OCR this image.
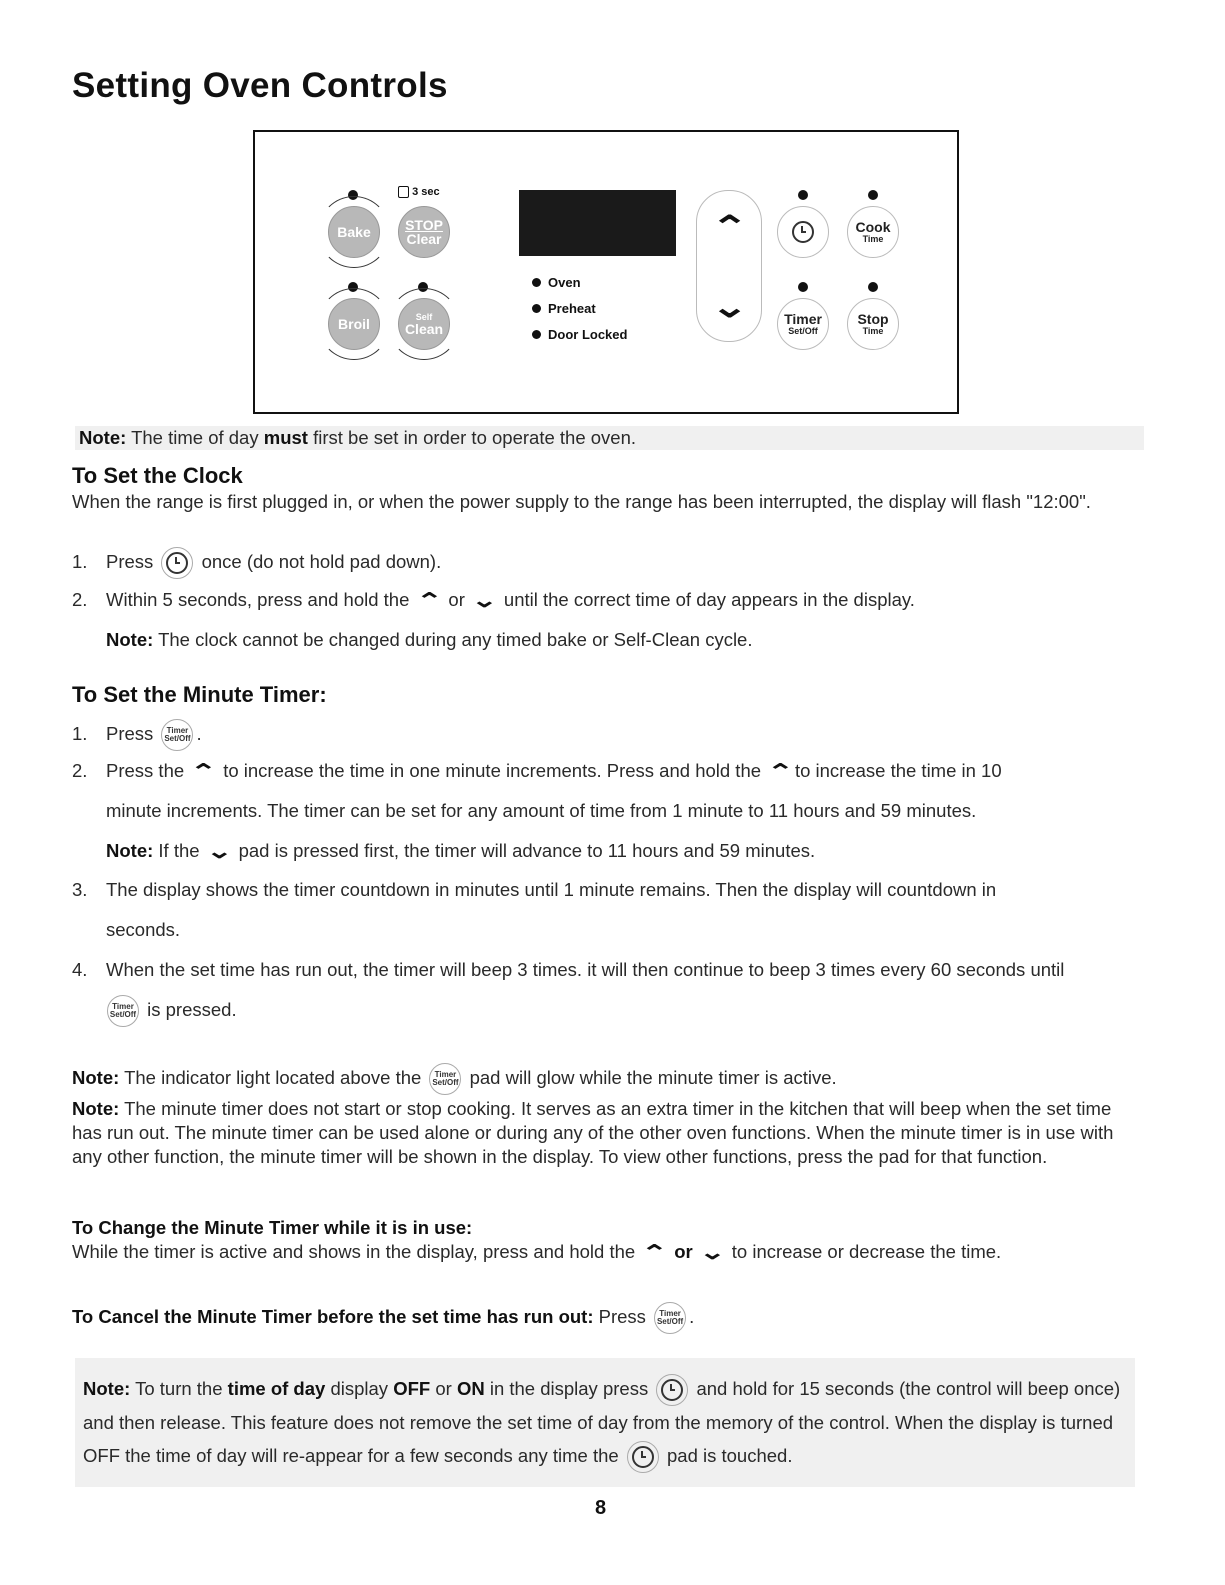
Setting Oven Controls
Bake
3 sec
STOP
Clear
Broil	Self
Clean
Oven
Preheat
Door Locked
⌃
⌄
Cook
Time
Timer
Set/Off
Stop
Time
Note: The time of day must first be set in order to operate the oven.
To Set the Clock
When the range is first plugged in, or when the power supply to the range has been interrupted, the display will flash "12:00".
1. Press	once (do not hold pad down).
2. Within 5 seconds, press and hold the ⌃ or ⌄ until the correct time of day appears in the display.
Note: The clock cannot be changed during any timed bake or Self-Clean cycle.
To Set the Minute Timer:
1. Press Timer
Set/Off .
2. Press the ⌃ to increase the time in one minute increments. Press and hold the ⌃to increase the time in 10
minute increments. The timer can be set for any amount of time from 1 minute to 11 hours and 59 minutes.
Note: If the ⌄ pad is pressed first, the timer will advance to 11 hours and 59 minutes.
3. The display shows the timer countdown in minutes until 1 minute remains. Then the display will countdown in
seconds.
4. When the set time has run out, the timer will beep 3 times. it will then continue to beep 3 times every 60 seconds until
Timer
Set/Off is pressed.
Note: The indicator light located above the Timer
Set/Off pad will glow while the minute timer is active.
Note: The minute timer does not start or stop cooking. It serves as an extra timer in the kitchen that will beep when the set time has run out. The minute timer can be used alone or during any of the other oven functions. When the minute timer is in use with any other function, the minute timer will be shown in the display. To view other functions, press the pad for that function.
To Change the Minute Timer while it is in use:
While the timer is active and shows in the display, press and hold the ⌃ or ⌄ to increase or decrease the time.
To Cancel the Minute Timer before the set time has run out: Press Timer
Set/Off .
Note: To turn the time of day display OFF or ON in the display press	and hold for 15 seconds (the control will beep once) and then release. This feature does not remove the set time of day from the memory of the control. When the display is turned OFF the time of day will re-appear for a few seconds any time the	pad is touched.
8
